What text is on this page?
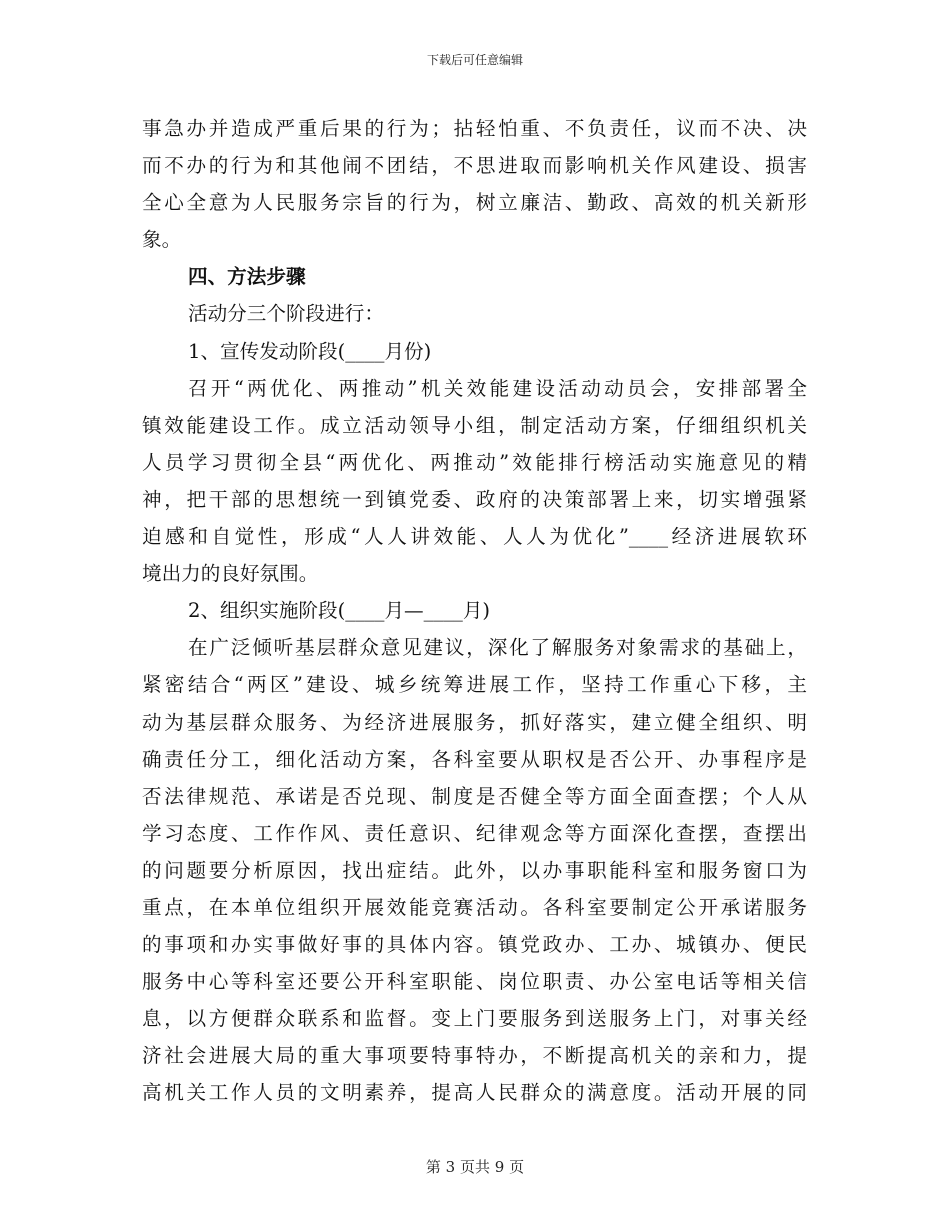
下载后可任意编辑
事急办并造成严重后果的行为；拈轻怕重、不负责任，议而不决、决
而不办的行为和其他闹不团结，不思进取而影响机关作风建设、损害
全心全意为人民服务宗旨的行为，树立廉洁、勤政、高效的机关新形
象。
四、方法步骤
活动分三个阶段进行：
1、宣传发动阶段(____月份)
召开“两优化、两推动”机关效能建设活动动员会，安排部署全
镇效能建设工作。成立活动领导小组，制定活动方案，仔细组织机关
人员学习贯彻全县“两优化、两推动”效能排行榜活动实施意见的精
神，把干部的思想统一到镇党委、政府的决策部署上来，切实增强紧
迫感和自觉性，形成“人人讲效能、人人为优化”____经济进展软环
境出力的良好氛围。
2、组织实施阶段(____月—____月)
在广泛倾听基层群众意见建议，深化了解服务对象需求的基础上，
紧密结合“两区”建设、城乡统筹进展工作，坚持工作重心下移，主
动为基层群众服务、为经济进展服务，抓好落实，建立健全组织、明
确责任分工，细化活动方案，各科室要从职权是否公开、办事程序是
否法律规范、承诺是否兑现、制度是否健全等方面全面查摆；个人从
学习态度、工作作风、责任意识、纪律观念等方面深化查摆，查摆出
的问题要分析原因，找出症结。此外，以办事职能科室和服务窗口为
重点，在本单位组织开展效能竞赛活动。各科室要制定公开承诺服务
的事项和办实事做好事的具体内容。镇党政办、工办、城镇办、便民
服务中心等科室还要公开科室职能、岗位职责、办公室电话等相关信
息，以方便群众联系和监督。变上门要服务到送服务上门，对事关经
济社会进展大局的重大事项要特事特办，不断提高机关的亲和力，提
高机关工作人员的文明素养，提高人民群众的满意度。活动开展的同
第 3 页共 9 页
